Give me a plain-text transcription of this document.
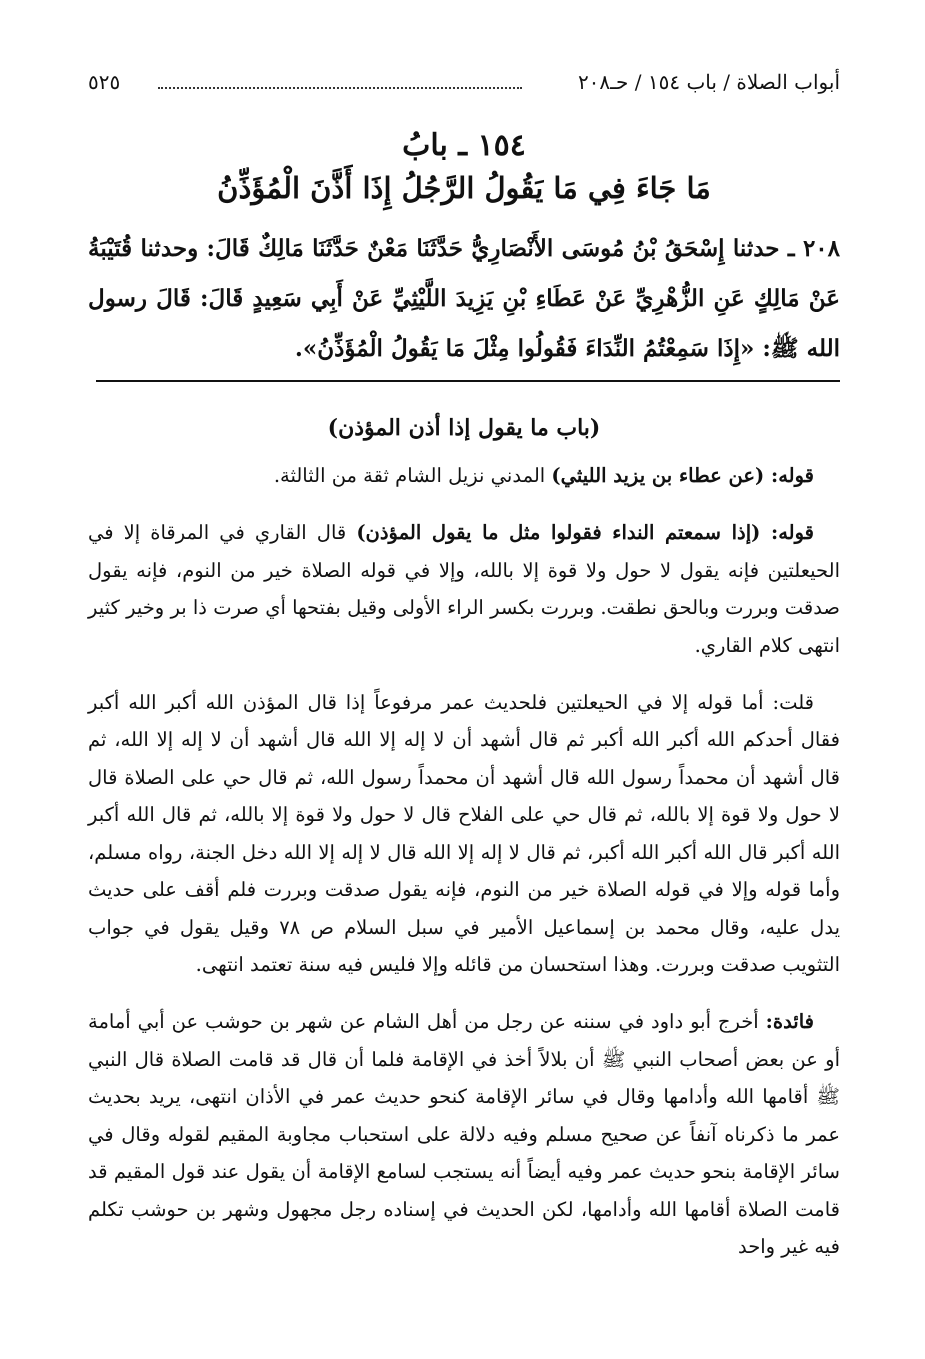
أبواب الصلاة / باب ١٥٤ / حـ٢٠٨
٥٢٥
١٥٤ ـ بابُ
مَا جَاءَ فِي مَا يَقُولُ الرَّجُلُ إِذَا أَذَّنَ الْمُؤَذِّنُ
٢٠٨ ـ حدثنا إِسْحَقُ بْنُ مُوسَى الأَنْصَارِيُّ حَدَّثَنَا مَعْنٌ حَدَّثَنَا مَالِكٌ قَالَ: وحدثنا قُتَيْبَةُ عَنْ مَالِكٍ عَنِ الزُّهْرِيِّ عَنْ عَطَاءِ بْنِ يَزِيدَ اللَّيْثِيِّ عَنْ أَبِي سَعِيدٍ قَالَ: قَالَ رسول الله ﷺ: «إِذَا سَمِعْتُمُ النِّدَاءَ فَقُولُوا مِثْلَ مَا يَقُولُ الْمُؤَذِّنُ».
(باب ما يقول إذا أذن المؤذن)

قوله: (عن عطاء بن يزيد الليثي) المدني نزيل الشام ثقة من الثالثة.

قوله: (إذا سمعتم النداء فقولوا مثل ما يقول المؤذن) قال القاري في المرقاة إلا في الحيعلتين فإنه يقول لا حول ولا قوة إلا بالله، وإلا في قوله الصلاة خير من النوم، فإنه يقول صدقت وبررت وبالحق نطقت. وبررت بكسر الراء الأولى وقيل بفتحها أي صرت ذا بر وخير كثير انتهى كلام القاري.

قلت: أما قوله إلا في الحيعلتين فلحديث عمر مرفوعاً إذا قال المؤذن الله أكبر الله أكبر فقال أحدكم الله أكبر الله أكبر ثم قال أشهد أن لا إله إلا الله قال أشهد أن لا إله إلا الله، ثم قال أشهد أن محمداً رسول الله قال أشهد أن محمداً رسول الله، ثم قال حي على الصلاة قال لا حول ولا قوة إلا بالله، ثم قال حي على الفلاح قال لا حول ولا قوة إلا بالله، ثم قال الله أكبر الله أكبر قال الله أكبر الله أكبر، ثم قال لا إله إلا الله قال لا إله إلا الله دخل الجنة، رواه مسلم، وأما قوله وإلا في قوله الصلاة خير من النوم، فإنه يقول صدقت وبررت فلم أقف على حديث يدل عليه، وقال محمد بن إسماعيل الأمير في سبل السلام ص ٧٨ وقيل يقول في جواب التثويب صدقت وبررت. وهذا استحسان من قائله وإلا فليس فيه سنة تعتمد انتهى.

فائدة: أخرج أبو داود في سننه عن رجل من أهل الشام عن شهر بن حوشب عن أبي أمامة أو عن بعض أصحاب النبي ﷺ أن بلالاً أخذ في الإقامة فلما أن قال قد قامت الصلاة قال النبي ﷺ أقامها الله وأدامها وقال في سائر الإقامة كنحو حديث عمر في الأذان انتهى، يريد بحديث عمر ما ذكرناه آنفاً عن صحيح مسلم وفيه دلالة على استحباب مجاوبة المقيم لقوله وقال في سائر الإقامة بنحو حديث عمر وفيه أيضاً أنه يستجب لسامع الإقامة أن يقول عند قول المقيم قد قامت الصلاة أقامها الله وأدامها، لكن الحديث في إسناده رجل مجهول وشهر بن حوشب تكلم فيه غير واحد
